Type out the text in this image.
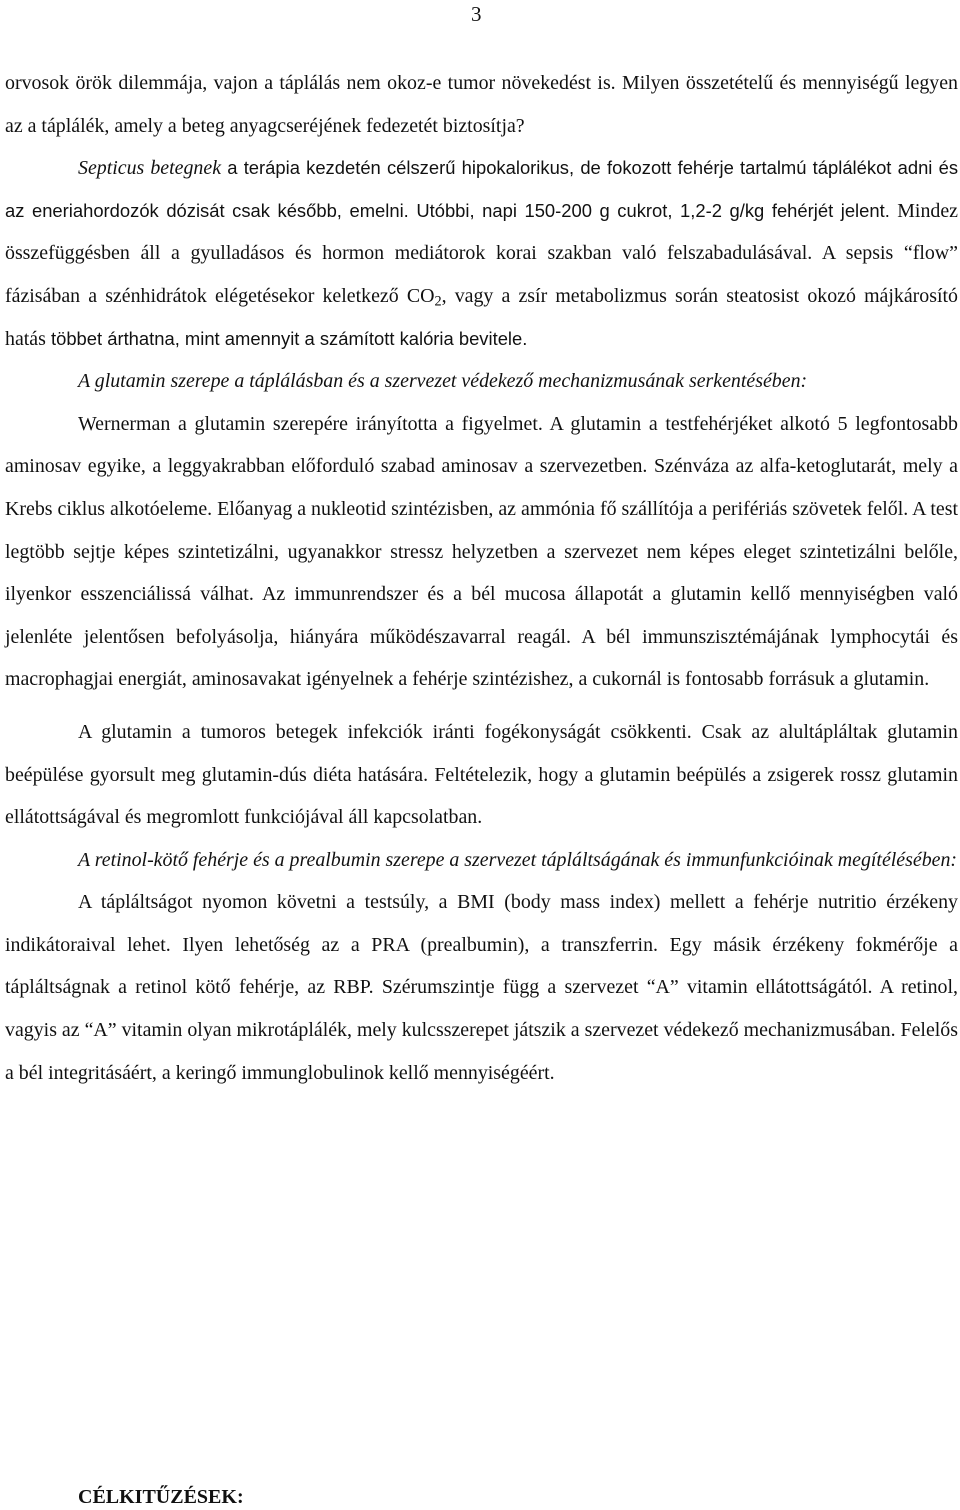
3

orvosok örök dilemmája, vajon a táplálás nem okoz-e tumor növekedést is. Milyen összetételű és mennyiségű legyen az a táplálék, amely a beteg anyagcseréjének fedezetét biztosítja?

Septicus betegnek a terápia kezdetén célszerű hipokalorikus, de fokozott fehérje tartalmú táplálékot adni és az eneriahordozók dózisát csak később, emelni. Utóbbi, napi 150-200 g cukrot, 1,2-2 g/kg fehérjét jelent. Mindez összefüggésben áll a gyulladásos és hormon mediátorok korai szakban való felszabadulásával. A sepsis “flow” fázisában a szénhidrátok elégetésekor keletkező $CO_2$, vagy a zsír metabolizmus során steatosist okozó májkárosító hatás többet árthatna, mint amennyit a számított kalória bevitele.

A glutamin szerepe a táplálásban és a szervezet védekező mechanizmusának serkentésében:

Wernerman a glutamin szerepére irányította a figyelmet. A glutamin a testfehérjéket alkotó 5 legfontosabb aminosav egyike, a leggyakrabban előforduló szabad aminosav a szervezetben. Szénváza az alfa-ketoglutarát, mely a Krebs ciklus alkotóeleme. Előanyag a nukleotid szintézisben, az ammónia fő szállítója a perifériás szövetek felől. A test legtöbb sejtje képes szintetizálni, ugyanakkor stressz helyzetben a szervezet nem képes eleget szintetizálni belőle, ilyenkor esszenciálissá válhat. Az immunrendszer és a bél mucosa állapotát a glutamin kellő mennyiségben való jelenléte jelentősen befolyásolja, hiányára működészavarral reagál. A bél immunszisztémájának lymphocytái és macrophagjai energiát, aminosavakat igényelnek a fehérje szintézishez, a cukornál is fontosabb forrásuk a glutamin.

A glutamin a tumoros betegek infekciók iránti fogékonyságát csökkenti. Csak az alultápláltak glutamin beépülése gyorsult meg glutamin-dús diéta hatására. Feltételezik, hogy a glutamin beépülés a zsigerek rossz glutamin ellátottságával és megromlott funkciójával áll kapcsolatban.

A retinol-kötő fehérje és a prealbumin szerepe a szervezet tápláltságának és immunfunkcióinak megítélésében:

A tápláltságot nyomon követni a testsúly, a BMI (body mass index) mellett a fehérje nutritio érzékeny indikátoraival lehet. Ilyen lehetőség az a PRA (prealbumin), a transzferrin. Egy másik érzékeny fokmérője a tápláltságnak a retinol kötő fehérje, az RBP. Szérumszintje függ a szervezet “A” vitamin ellátottságától. A retinol, vagyis az “A” vitamin olyan mikrotáplálék, mely kulcsszerepet játszik a szervezet védekező mechanizmusában. Felelős a bél integritásáért, a keringő immunglobulinok kellő mennyiségéért.

CÉLKITŰZÉSEK:
